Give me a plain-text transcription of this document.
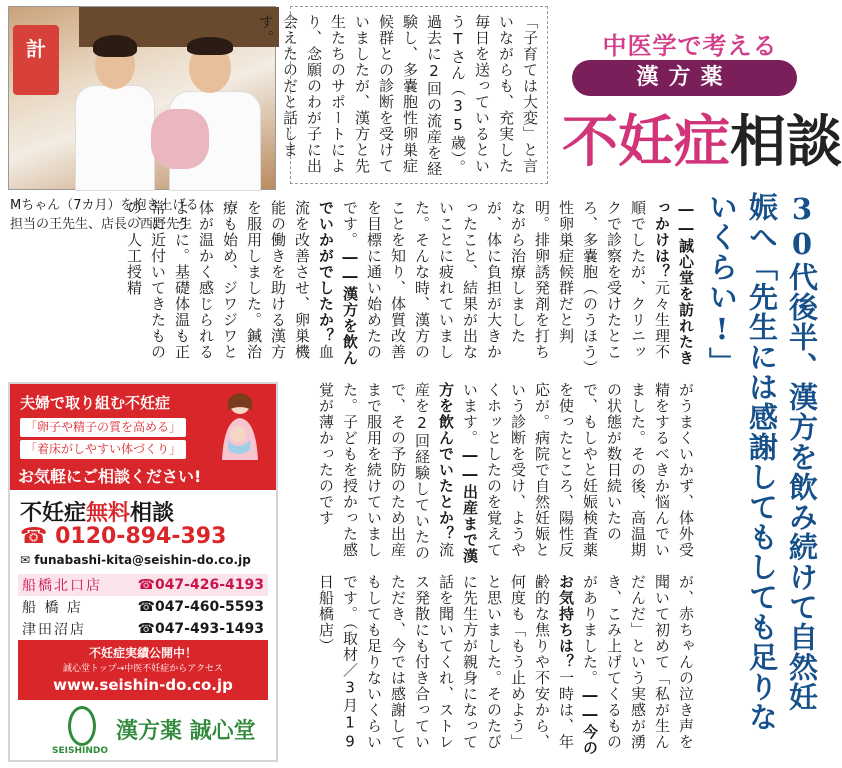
中医学で考える
漢方薬
不妊症相談
30代後半、漢方を飲み続けて自然妊娠へ「先生には感謝してもしても足りないくらい!」
計
Mちゃん（7カ月）を抱き上げる
担当の王先生、店長の西野先生
「子育ては大変」と言いながらも、充実した毎日を送っているというTさん（35歳）。過去に2回の流産を経験し、多嚢胞性卵巣症候群との診断を受けていましたが、漢方と先生たちのサポートにより、念願のわが子に出会えたのだと話します。
――誠心堂を訪れたきっかけは？

元々生理不順でしたが、クリニックで診察を受けたところ、多嚢胞（のうほう）性卵巣症候群だと判明。排卵誘発剤を打ちながら治療しましたが、体に負担が大きかったこと、結果が出ないことに疲れていました。そんな時、漢方のことを知り、体質改善を目標に通い始めたのです。

――漢方を飲んでいかがでしたか？

血流を改善させ、卵巣機能の働きを助ける漢方を服用しました。鍼治療も始め、ジワジワと体が温かく感じられるように。基礎体温も正常に近付いてきたものの、人工授精

がうまくいかず、体外受精をするべきか悩んでいました。その後、高温期の状態が数日続いたので、もしやと妊娠検査薬を使ったところ、陽性反応が。病院で自然妊娠という診断を受け、ようやくホッとしたのを覚えています。――出産まで漢方を飲んでいたとか？

流産を2回経験していたので、その予防のため出産まで服用を続けていました。子どもを授かった感覚が薄かったのです

が、赤ちゃんの泣き声を聞いて初めて「私が生んだんだ」という実感が湧き、こみ上げてくるものがありました。――今のお気持ちは？

一時は、年齢的な焦りや不安から、何度も「もう止めよう」と思いました。そのたびに先生方が親身になって話を聞いてくれ、ストレス発散にも付き合っていただき、今では感謝してもしても足りないくらいです。（取材／3月19日船橋店）

夫婦で取り組む不妊症
「卵子や精子の質を高める」
「着床がしやすい体づくり」
お気軽にご相談ください!
不妊症無料相談
☎ 0120-894-393
✉ funabashi-kita@seishin-do.co.jp
船橋北口店	☎047-426-4193
船 橋 店	☎047-460-5593
津田沼店	☎047-493-1493
不妊症実績公開中！
誠心堂トップ→中医不妊症からアクセス
www.seishin-do.co.jp
SEISHINDO
漢方薬 誠心堂
